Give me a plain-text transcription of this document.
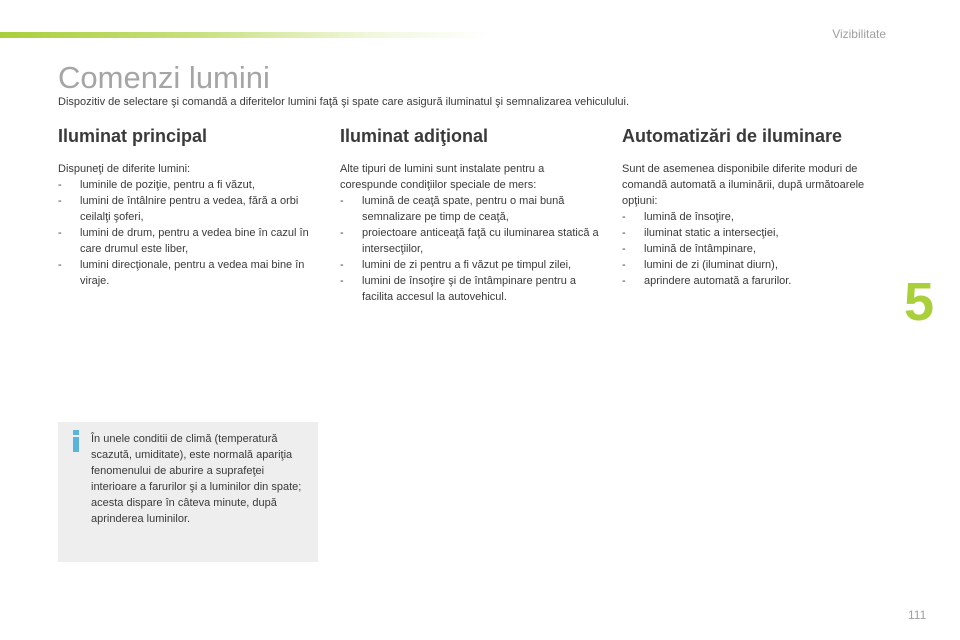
Vizibilitate
Comenzi lumini

Dispozitiv de selectare şi comandă a diferitelor lumini faţă şi spate care asigură iluminatul şi semnalizarea vehiculului.

Iluminat principal

Dispuneţi de diferite lumini:

- luminile de poziţie, pentru a fi văzut,
- lumini de întâlnire pentru a vedea, fără a orbi ceilalţi şoferi,
- lumini de drum, pentru a vedea bine în cazul în care drumul este liber,
- lumini direcţionale, pentru a vedea mai bine în viraje.
Iluminat adiţional

Alte tipuri de lumini sunt instalate pentru a corespunde condiţiilor speciale de mers:

- lumină de ceaţă spate, pentru o mai bună semnalizare pe timp de ceaţă,
- proiectoare anticeaţă faţă cu iluminarea statică a intersecţiilor,
- lumini de zi pentru a fi văzut pe timpul zilei,
- lumini de însoţire şi de întâmpinare pentru a facilita accesul la autovehicul.
Automatizări de iluminare

Sunt de asemenea disponibile diferite moduri de comandă automată a iluminării, după următoarele opţiuni:

- lumină de însoţire,
- iluminat static a intersecţiei,
- lumină de întâmpinare,
- lumini de zi (iluminat diurn),
- aprindere automată a farurilor.

În unele conditii de climă (temperatură scazută, umiditate), este normală apariţia fenomenului de aburire a suprafeţei interioare a farurilor şi a luminilor din spate; acesta dispare în câteva minute, după aprinderea luminilor.

5
111
